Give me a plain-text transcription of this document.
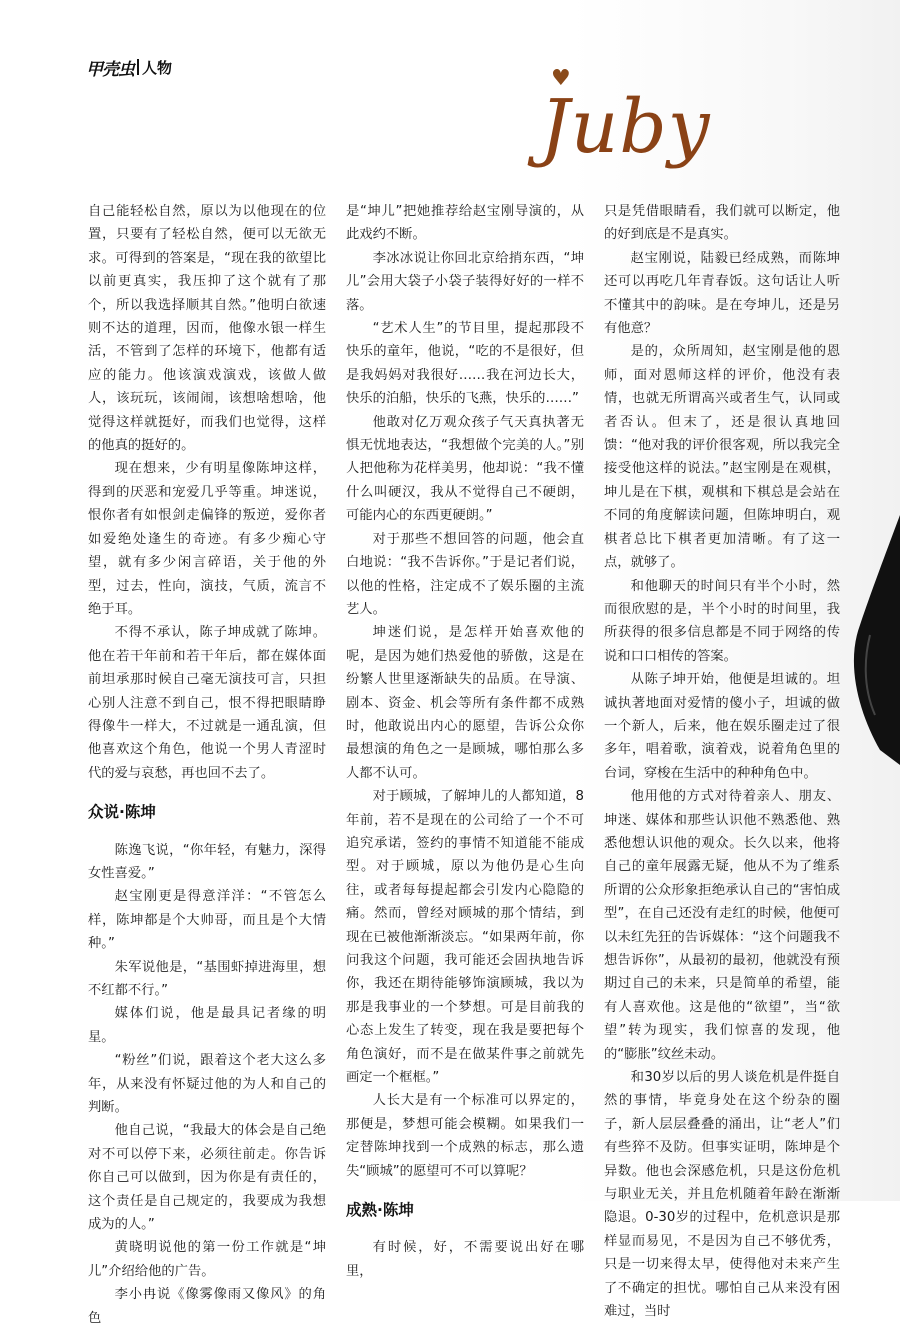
甲壳虫 人物	♥
Juby

自己能轻松自然，原以为以他现在的位置，只要有了轻松自然，便可以无欲无求。可得到的答案是，“现在我的欲望比以前更真实，我压抑了这个就有了那个，所以我选择顺其自然。”他明白欲速则不达的道理，因而，他像水银一样生活，不管到了怎样的环境下，他都有适应的能力。他该演戏演戏，该做人做人，该玩玩，该闹闹，该想啥想啥，他觉得这样就挺好，而我们也觉得，这样的他真的挺好的。

现在想来，少有明星像陈坤这样，得到的厌恶和宠爱几乎等重。坤迷说，恨你者有如恨剑走偏锋的叛逆，爱你者如爱绝处逢生的奇迹。有多少痴心守望，就有多少闲言碎语，关于他的外型，过去，性向，演技，气质，流言不绝于耳。

不得不承认，陈子坤成就了陈坤。他在若干年前和若干年后，都在媒体面前坦承那时候自己毫无演技可言，只担心别人注意不到自己，恨不得把眼睛睁得像牛一样大，不过就是一通乱演，但他喜欢这个角色，他说一个男人青涩时代的爱与哀愁，再也回不去了。

众说·陈坤

陈逸飞说，“你年轻，有魅力，深得女性喜爱。”

赵宝刚更是得意洋洋：“不管怎么样，陈坤都是个大帅哥，而且是个大情种。”

朱军说他是，“基围虾掉进海里，想不红都不行。”

媒体们说，他是最具记者缘的明星。

“粉丝”们说，跟着这个老大这么多年，从来没有怀疑过他的为人和自己的判断。

他自己说，“我最大的体会是自己绝对不可以停下来，必须往前走。你告诉你自己可以做到，因为你是有责任的，这个责任是自己规定的，我要成为我想成为的人。”

黄晓明说他的第一份工作就是“坤儿”介绍给他的广告。

李小冉说《像雾像雨又像风》的角色

是“坤儿”把她推荐给赵宝刚导演的，从此戏约不断。

李冰冰说让你回北京给捎东西，“坤儿”会用大袋子小袋子装得好好的一样不落。

“艺术人生”的节目里，提起那段不快乐的童年，他说，“吃的不是很好，但是我妈妈对我很好……我在河边长大，快乐的泊船，快乐的飞燕，快乐的……”

他敢对亿万观众孩子气天真执著无惧无忧地表达，“我想做个完美的人。”别人把他称为花样美男，他却说：“我不懂什么叫硬汉，我从不觉得自己不硬朗，可能内心的东西更硬朗。”

对于那些不想回答的问题，他会直白地说：“我不告诉你。”于是记者们说，以他的性格，注定成不了娱乐圈的主流艺人。

坤迷们说，是怎样开始喜欢他的呢，是因为她们热爱他的骄傲，这是在纷繁人世里逐渐缺失的品质。在导演、剧本、资金、机会等所有条件都不成熟时，他敢说出内心的愿望，告诉公众你最想演的角色之一是顾城，哪怕那么多人都不认可。

对于顾城，了解坤儿的人都知道，8年前，若不是现在的公司给了一个不可追究承诺，签约的事情不知道能不能成型。对于顾城，原以为他仍是心生向往，或者每每提起都会引发内心隐隐的痛。然而，曾经对顾城的那个情结，到现在已被他渐渐淡忘。“如果两年前，你问我这个问题，我可能还会固执地告诉你，我还在期待能够饰演顾城，我以为那是我事业的一个梦想。可是目前我的心态上发生了转变，现在我是要把每个角色演好，而不是在做某件事之前就先画定一个框框。”

人长大是有一个标准可以界定的，那便是，梦想可能会模糊。如果我们一定替陈坤找到一个成熟的标志，那么遗失“顾城”的愿望可不可以算呢？

成熟·陈坤

有时候，好，不需要说出好在哪里，

只是凭借眼睛看，我们就可以断定，他的好到底是不是真实。

赵宝刚说，陆毅已经成熟，而陈坤还可以再吃几年青春饭。这句话让人听不懂其中的韵味。是在夸坤儿，还是另有他意？

是的，众所周知，赵宝刚是他的恩师，面对恩师这样的评价，他没有表情，也就无所谓高兴或者生气，认同或者否认。但末了，还是很认真地回馈：“他对我的评价很客观，所以我完全接受他这样的说法。”赵宝刚是在观棋，坤儿是在下棋，观棋和下棋总是会站在不同的角度解读问题，但陈坤明白，观棋者总比下棋者更加清晰。有了这一点，就够了。

和他聊天的时间只有半个小时，然而很欣慰的是，半个小时的时间里，我所获得的很多信息都是不同于网络的传说和口口相传的答案。

从陈子坤开始，他便是坦诚的。坦诚执著地面对爱情的傻小子，坦诚的做一个新人，后来，他在娱乐圈走过了很多年，唱着歌，演着戏，说着角色里的台词，穿梭在生活中的种种角色中。

他用他的方式对待着亲人、朋友、坤迷、媒体和那些认识他不熟悉他、熟悉他想认识他的观众。长久以来，他将自己的童年展露无疑，他从不为了维系所谓的公众形象拒绝承认自己的“害怕成型”，在自己还没有走红的时候，他便可以未红先狂的告诉媒体：“这个问题我不想告诉你”，从最初的最初，他就没有预期过自己的未来，只是简单的希望，能有人喜欢他。这是他的“欲望”，当“欲望”转为现实，我们惊喜的发现，他的“膨胀”纹丝未动。

和30岁以后的男人谈危机是件挺自然的事情，毕竟身处在这个纷杂的圈子，新人层层叠叠的涌出，让“老人”们有些猝不及防。但事实证明，陈坤是个异数。他也会深感危机，只是这份危机与职业无关，并且危机随着年龄在渐渐隐退。0-30岁的过程中，危机意识是那样显而易见，不是因为自己不够优秀，只是一切来得太早，使得他对未来产生了不确定的担忧。哪怕自己从来没有困难过，当时
